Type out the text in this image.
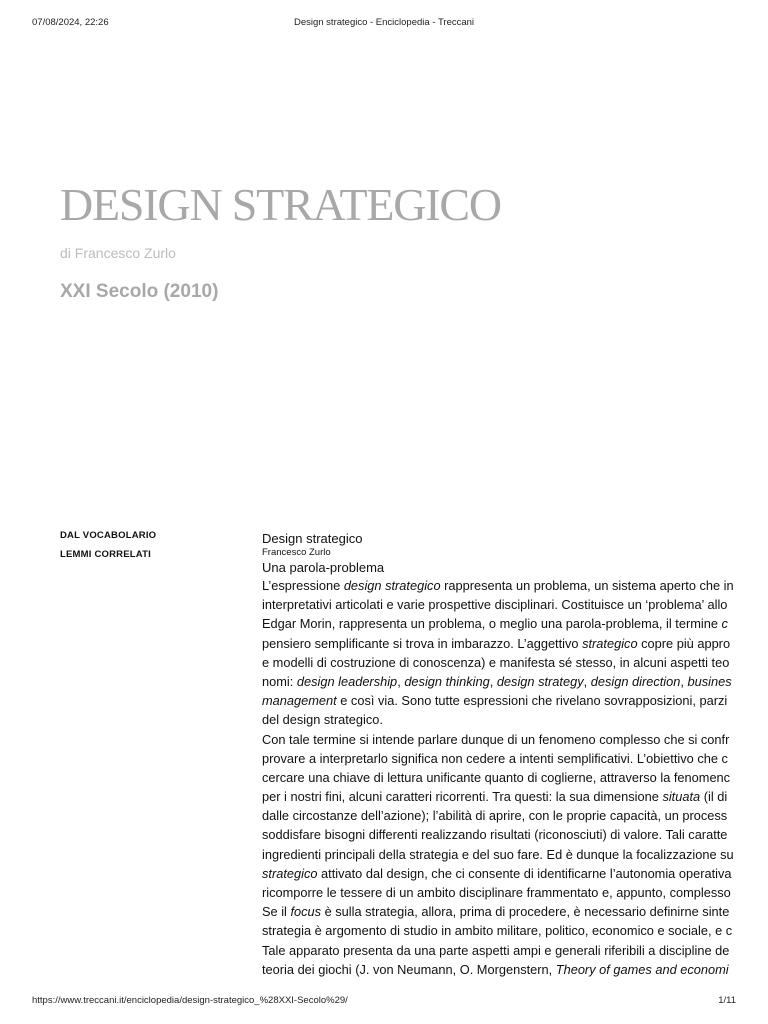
07/08/2024, 22:26	Design strategico - Enciclopedia - Treccani
DESIGN STRATEGICO
di Francesco Zurlo
XXI Secolo (2010)
DAL VOCABOLARIO
LEMMI CORRELATI
Design strategico
Francesco Zurlo
Una parola-problema
L’espressione design strategico rappresenta un problema, un sistema aperto che in
interpretativi articolati e varie prospettive disciplinari. Costituisce un ‘problema’ allo
Edgar Morin, rappresenta un problema, o meglio una parola-problema, il termine c
pensiero semplificante si trova in imbarazzo. L’aggettivo strategico copre più appro
e modelli di costruzione di conoscenza) e manifesta sé stesso, in alcuni aspetti teo
nomi: design leadership, design thinking, design strategy, design direction, busines
management e così via. Sono tutte espressioni che rivelano sovrapposizioni, parzi
del design strategico.
Con tale termine si intende parlare dunque di un fenomeno complesso che si confr
provare a interpretarlo significa non cedere a intenti semplificativi. L’obiettivo che c
cercare una chiave di lettura unificante quanto di coglierne, attraverso la fenomenc
per i nostri fini, alcuni caratteri ricorrenti. Tra questi: la sua dimensione situata (il di
dalle circostanze dell’azione); l’abilità di aprire, con le proprie capacità, un process
soddisfare bisogni differenti realizzando risultati (riconosciuti) di valore. Tali caratte
ingredienti principali della strategia e del suo fare. Ed è dunque la focalizzazione su
strategico attivato dal design, che ci consente di identificarne l’autonomia operativa
ricomporre le tessere di un ambito disciplinare frammentato e, appunto, complesso
Se il focus è sulla strategia, allora, prima di procedere, è necessario definirne sinte
strategia è argomento di studio in ambito militare, politico, economico e sociale, e c
Tale apparato presenta da una parte aspetti ampi e generali riferibili a discipline de
teoria dei giochi (J. von Neumann, O. Morgenstern, Theory of games and economi
https://www.treccani.it/enciclopedia/design-strategico_%28XXI-Secolo%29/	1/11
